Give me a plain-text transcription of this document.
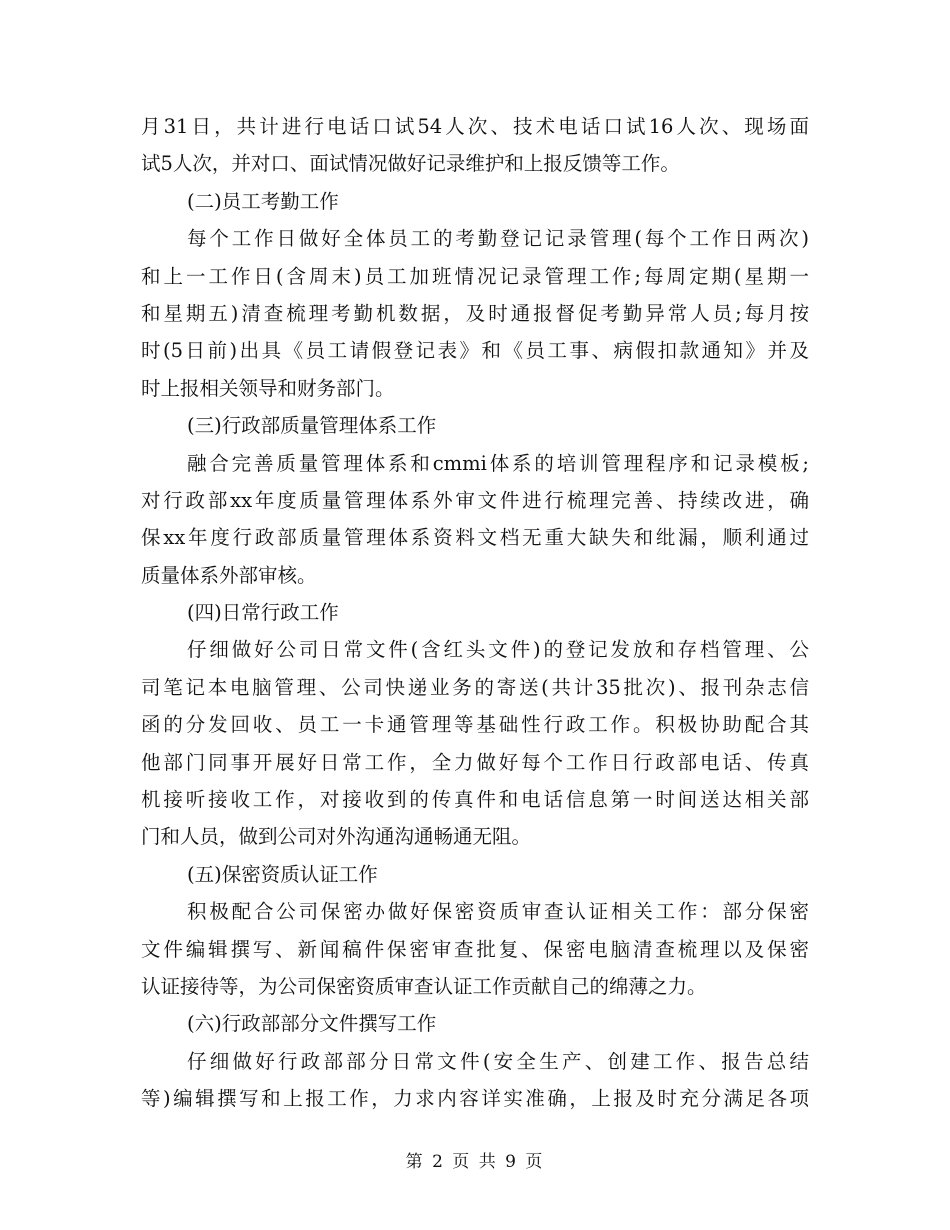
月31日，共计进行电话口试54人次、技术电话口试16人次、现场面
试5人次，并对口、面试情况做好记录维护和上报反馈等工作。
(二)员工考勤工作
每个工作日做好全体员工的考勤登记记录管理(每个工作日两次)
和上一工作日(含周末)员工加班情况记录管理工作;每周定期(星期一
和星期五)清查梳理考勤机数据，及时通报督促考勤异常人员;每月按
时(5日前)出具《员工请假登记表》和《员工事、病假扣款通知》并及
时上报相关领导和财务部门。
(三)行政部质量管理体系工作
融合完善质量管理体系和cmmi体系的培训管理程序和记录模板;
对行政部xx年度质量管理体系外审文件进行梳理完善、持续改进，确
保xx年度行政部质量管理体系资料文档无重大缺失和纰漏，顺利通过
质量体系外部审核。
(四)日常行政工作
仔细做好公司日常文件(含红头文件)的登记发放和存档管理、公
司笔记本电脑管理、公司快递业务的寄送(共计35批次)、报刊杂志信
函的分发回收、员工一卡通管理等基础性行政工作。积极协助配合其
他部门同事开展好日常工作，全力做好每个工作日行政部电话、传真
机接听接收工作，对接收到的传真件和电话信息第一时间送达相关部
门和人员，做到公司对外沟通沟通畅通无阻。
(五)保密资质认证工作
积极配合公司保密办做好保密资质审查认证相关工作：部分保密
文件编辑撰写、新闻稿件保密审查批复、保密电脑清查梳理以及保密
认证接待等，为公司保密资质审查认证工作贡献自己的绵薄之力。
(六)行政部部分文件撰写工作
仔细做好行政部部分日常文件(安全生产、创建工作、报告总结
等)编辑撰写和上报工作，力求内容详实准确，上报及时充分满足各项
第 2 页 共 9 页
